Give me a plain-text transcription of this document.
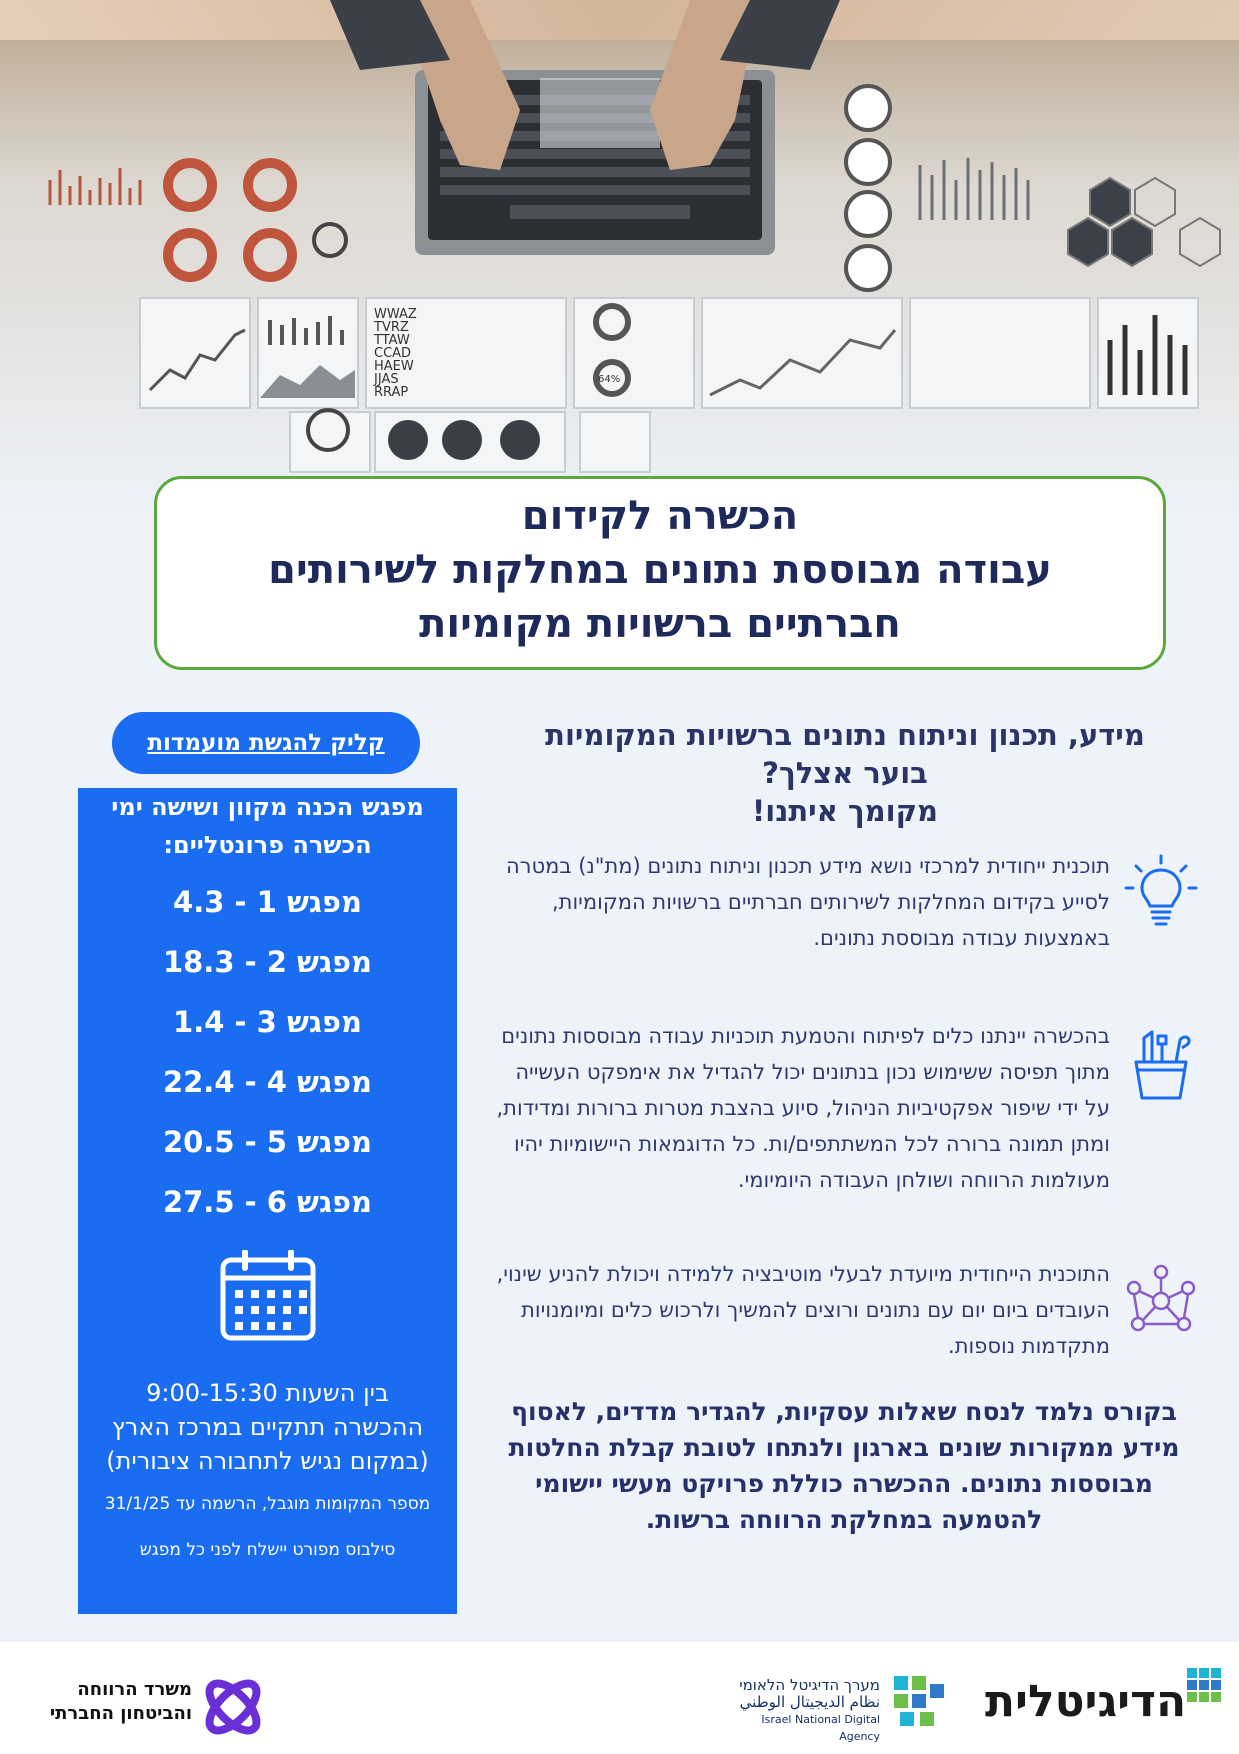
WWAZ
TVRZ
TTAW
CCAD
HAEW
JJAS
RRAP
64%
הכשרה לקידום
עבודה מבוססת נתונים במחלקות לשירותים
חברתיים ברשויות מקומיות
קליק להגשת מועמדות
מפגש הכנה מקוון ושישה ימי הכשרה פרונטליים:
מפגש 1 - 4.3
מפגש 2 - 18.3
מפגש 3 - 1.4
מפגש 4 - 22.4
מפגש 5 - 20.5
מפגש 6 - 27.5
בין השעות 9:00-15:30
ההכשרה תתקיים במרכז הארץ
(במקום נגיש לתחבורה ציבורית)
מספר המקומות מוגבל, הרשמה עד 31/1/25
סילבוס מפורט יישלח לפני כל מפגש
מידע, תכנון וניתוח נתונים ברשויות המקומיות
בוער אצלך?
מקומך איתנו!
תוכנית ייחודית למרכזי נושא מידע תכנון וניתוח נתונים (מת"נ) במטרה לסייע בקידום המחלקות לשירותים חברתיים ברשויות המקומיות, באמצעות עבודה מבוססת נתונים.
בהכשרה יינתנו כלים לפיתוח והטמעת תוכניות עבודה מבוססות נתונים מתוך תפיסה ששימוש נכון בנתונים יכול להגדיל את אימפקט העשייה על ידי שיפור אפקטיביות הניהול, סיוע בהצבת מטרות ברורות ומדידות, ומתן תמונה ברורה לכל המשתתפים/ות. כל הדוגמאות היישומיות יהיו מעולמות הרווחה ושולחן העבודה היומיומי.
התוכנית הייחודית מיועדת לבעלי מוטיבציה ללמידה ויכולת להניע שינוי, העובדים ביום יום עם נתונים ורוצים להמשיך ולרכוש כלים ומיומנויות מתקדמות נוספות.
בקורס נלמד לנסח שאלות עסקיות, להגדיר מדדים, לאסוף מידע ממקורות שונים בארגון ולנתחו לטובת קבלת החלטות מבוססות נתונים. ההכשרה כוללת פרויקט מעשי יישומי להטמעה במחלקת הרווחה ברשות.
הדיגיטלית
מערך הדיגיטל הלאומי
نظام الديجيتال الوطني
Israel National Digital Agency
משרד הרווחה
והביטחון החברתי
